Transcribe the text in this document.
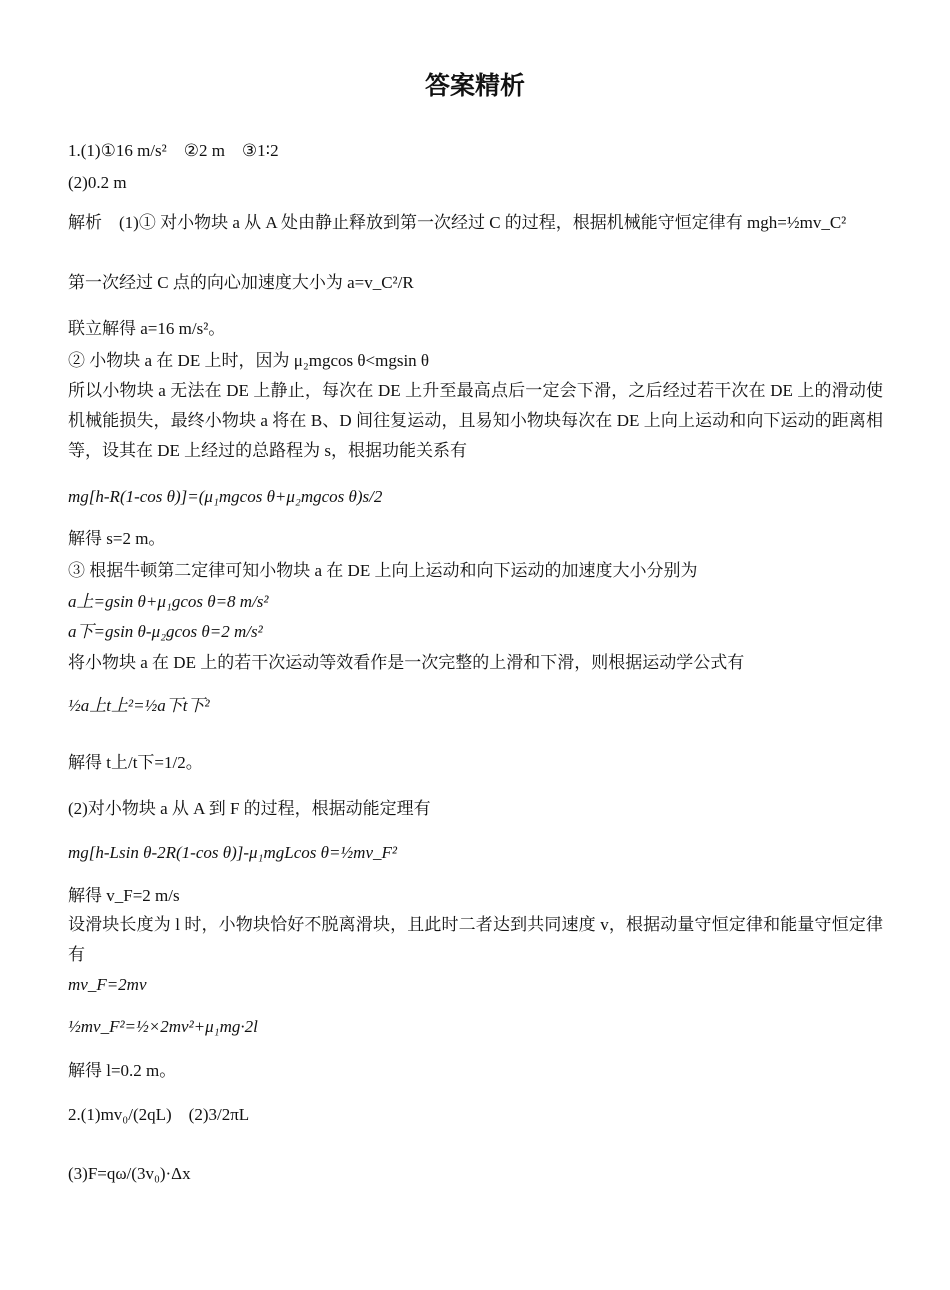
答案精析
1.(1)①16 m/s²　②2 m　③1∶2
(2)0.2 m
解析　(1)① 对小物块 a 从 A 处由静止释放到第一次经过 C 的过程，根据机械能守恒定律有 mgh=½mv_C²
第一次经过 C 点的向心加速度大小为 a=v_C²/R
联立解得 a=16 m/s²。
② 小物块 a 在 DE 上时，因为 μ₂mgcos θ<mgsin θ
所以小物块 a 无法在 DE 上静止，每次在 DE 上升至最高点后一定会下滑，之后经过若干次在 DE 上的滑动使机械能损失，最终小物块 a 将在 B、D 间往复运动，且易知小物块每次在 DE 上向上运动和向下运动的距离相等，设其在 DE 上经过的总路程为 s，根据功能关系有
mg[h-R(1-cos θ)]=(μ₁mgcos θ+μ₂mgcos θ)s/2
解得 s=2 m。
③ 根据牛顿第二定律可知小物块 a 在 DE 上向上运动和向下运动的加速度大小分别为
a上=gsin θ+μ₁gcos θ=8 m/s²
a下=gsin θ-μ₂gcos θ=2 m/s²
将小物块 a 在 DE 上的若干次运动等效看作是一次完整的上滑和下滑，则根据运动学公式有
½a上t上²=½a下t下²
解得 t上/t下=1/2。
(2)对小物块 a 从 A 到 F 的过程，根据动能定理有
mg[h-Lsin θ-2R(1-cos θ)]-μ₁mgLcos θ=½mv_F²
解得 v_F=2 m/s
设滑块长度为 l 时，小物块恰好不脱离滑块，且此时二者达到共同速度 v，根据动量守恒定律和能量守恒定律有
mv_F=2mv
½mv_F²=½×2mv²+μ₁mg·2l
解得 l=0.2 m。
2.(1)mv₀/(2qL)　(2)3/2πL
(3)F=qω/(3v₀)·Δx
